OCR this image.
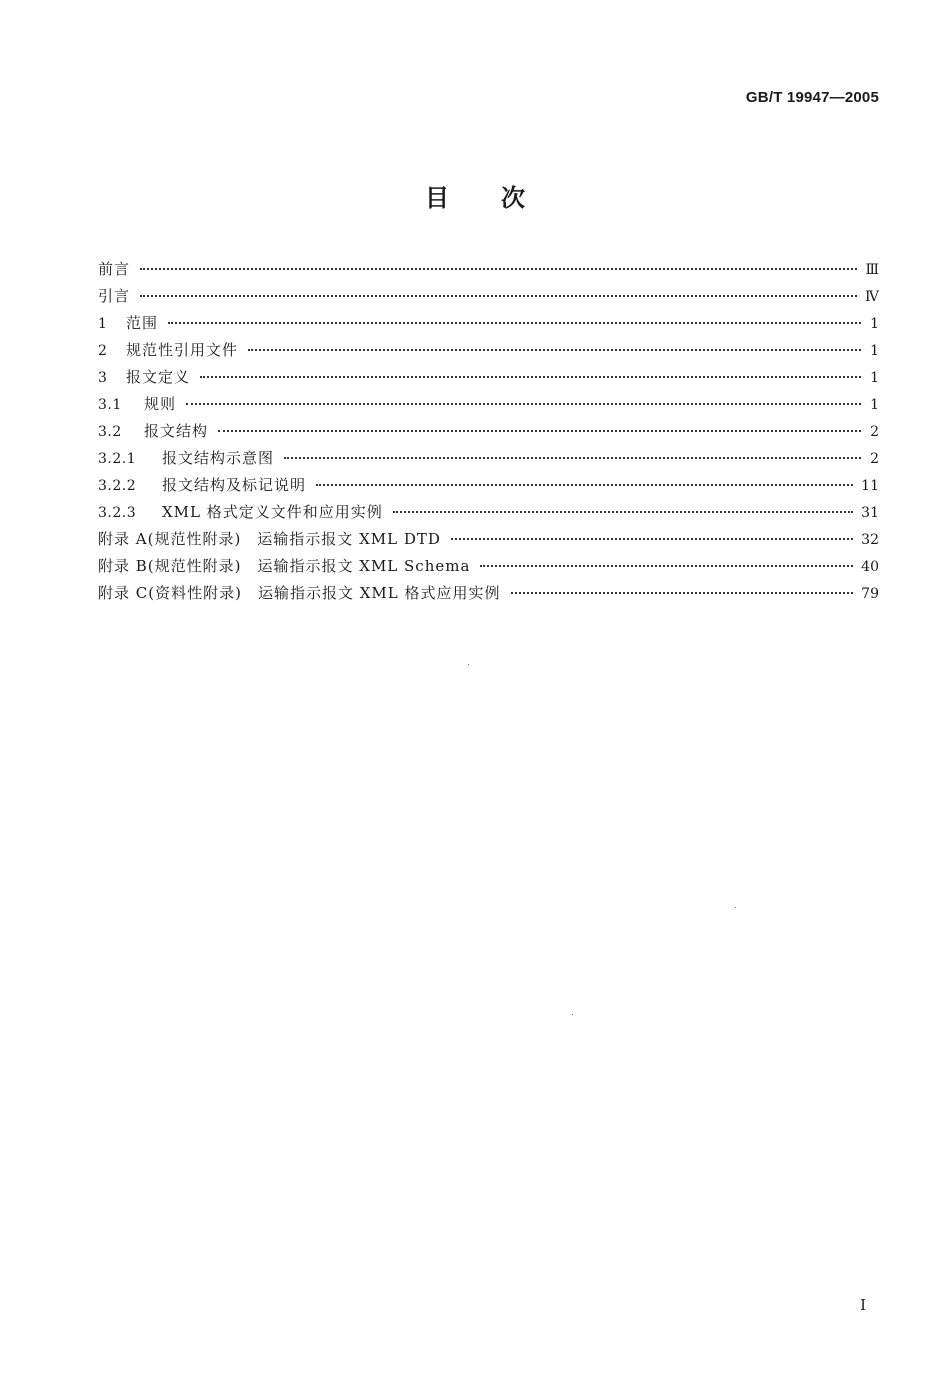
GB/T 19947—2005
目 次
前言	Ⅲ
引言	Ⅳ
1	范围	1
2	规范性引用文件	1
3	报文定义	1
3.1	规则	1
3.2	报文结构	2
3.2.1	报文结构示意图	2
3.2.2	报文结构及标记说明	11
3.2.3	XML 格式定义文件和应用实例	31
附录 A(规范性附录)　运输指示报文 XML DTD	32
附录 B(规范性附录)　运输指示报文 XML Schema	40
附录 C(资料性附录)　运输指示报文 XML 格式应用实例	79
I
